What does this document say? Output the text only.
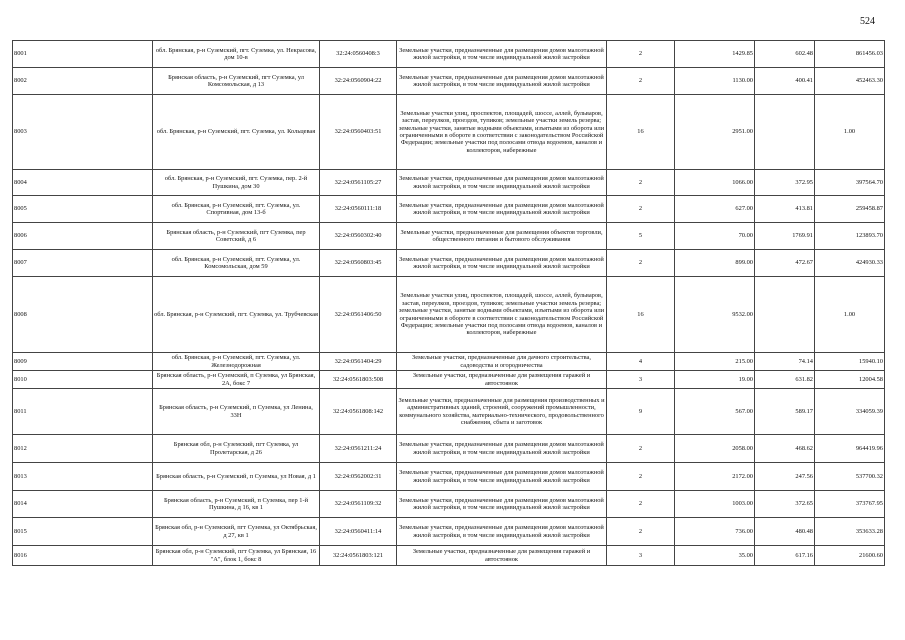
524
8001	обл. Брянская, р-н Суземский, пгт. Суземка, ул. Некрасова, дом 10-в	32:24:0560408:3	Земельные участки, предназначенные для размещения домов малоэтажной жилой застройки, в том числе индивидуальной жилой застройки	2	1429.85	602.48	861456.03
8002	Брянская область, р-н Суземский, пгт Суземка, ул Комсомольская, д 13	32:24:0560904:22	Земельные участки, предназначенные для размещения домов малоэтажной жилой застройки, в том числе индивидуальной жилой застройки	2	1130.00	400.41	452463.30
8003	обл. Брянская, р-н Суземский, пгт. Суземка, ул. Кольцевая	32:24:0560403:51	Земельные участки улиц, проспектов, площадей, шоссе, аллей, бульваров, застав, переулков, проездов, тупиков; земельные участки земель резерва; земельные участки, занятые водными объектами, изъятыми из оборота или ограниченными в обороте в соответствии с законодательством Российской Федерации; земельные участки под полосами отвода водоемов, каналов и коллекторов, набережные	16	2951.00		1.00
8004	обл. Брянская, р-н Суземский, пгт. Суземка, пер. 2-й Пушкина, дом 30	32:24:0561105:27	Земельные участки, предназначенные для размещения домов малоэтажной жилой застройки, в том числе индивидуальной жилой застройки	2	1066.00	372.95	397564.70
8005	обл. Брянская, р-н Суземский, пгт. Суземка, ул. Спортивная, дом 13-б	32:24:0560111:18	Земельные участки, предназначенные для размещения домов малоэтажной жилой застройки, в том числе индивидуальной жилой застройки	2	627.00	413.81	259458.87
8006	Брянская область, р-н Суземский, пгт Суземка, пер Советский, д 6	32:24:0560302:40	Земельные участки, предназначенные для размещения объектов торговли, общественного питания и бытового обслуживания	5	70.00	1769.91	123893.70
8007	обл. Брянская, р-н Суземский, пгт. Суземка, ул. Комсомольская, дом 59	32:24:0560803:45	Земельные участки, предназначенные для размещения домов малоэтажной жилой застройки, в том числе индивидуальной жилой застройки	2	899.00	472.67	424930.33
8008	обл. Брянская, р-н Суземский, пгт. Суземка, ул. Трубчевская	32:24:0561406:50	Земельные участки улиц, проспектов, площадей, шоссе, аллей, бульваров, застав, переулков, проездов, тупиков; земельные участки земель резерва; земельные участки, занятые водными объектами, изъятыми из оборота или ограниченными в обороте в соответствии с законодательством Российской Федерации; земельные участки под полосами отвода водоемов, каналов и коллекторов, набережные	16	9532.00		1.00
8009	обл. Брянская, р-н Суземский, пгт. Суземка, ул. Железнодорожная	32:24:0561404:29	Земельные участки, предназначенные для дачного строительства, садоводства и огородничества	4	215.00	74.14	15940.10
8010	Брянская область, р-н Суземский, п Суземка, ул Брянская, 2А, бокс 7	32:24:0561803:508	Земельные участки, предназначенные для размещения гаражей и автостоянок	3	19.00	631.82	12004.58
8011	Брянская область, р-н Суземский, п Суземка, ул Ленина, 33Н	32:24:0561808:142	Земельные участки, предназначенные для размещения производственных и административных зданий, строений, сооружений промышленности, коммунального хозяйства, материально-технического, продовольственного снабжения, сбыта и заготовок	9	567.00	589.17	334059.39
8012	Брянская обл, р-н Суземский, пгт Суземка, ул Пролетарская, д 26	32:24:0561211:24	Земельные участки, предназначенные для размещения домов малоэтажной жилой застройки, в том числе индивидуальной жилой застройки	2	2058.00	468.62	964419.96
8013	Брянская область, р-н Суземский, п Суземка, ул Новая, д 1	32:24:0562002:31	Земельные участки, предназначенные для размещения домов малоэтажной жилой застройки, в том числе индивидуальной жилой застройки	2	2172.00	247.56	537700.32
8014	Брянская область, р-н Суземский, п Суземка, пер 1-й Пушкина, д 16, кв 1	32:24:0561109:32	Земельные участки, предназначенные для размещения домов малоэтажной жилой застройки, в том числе индивидуальной жилой застройки	2	1003.00	372.65	373767.95
8015	Брянская обл, р-н Суземский, пгт Суземка, ул Октябрьская, д 27, кв 1	32:24:0560411:14	Земельные участки, предназначенные для размещения домов малоэтажной жилой застройки, в том числе индивидуальной жилой застройки	2	736.00	480.48	353633.28
8016	Брянская обл, р-н Суземский, пгт Суземка, ул Брянская, 16 "А", блок 1, бокс 8	32:24:0561803:121	Земельные участки, предназначенные для размещения гаражей и автостоянок	3	35.00	617.16	21600.60
